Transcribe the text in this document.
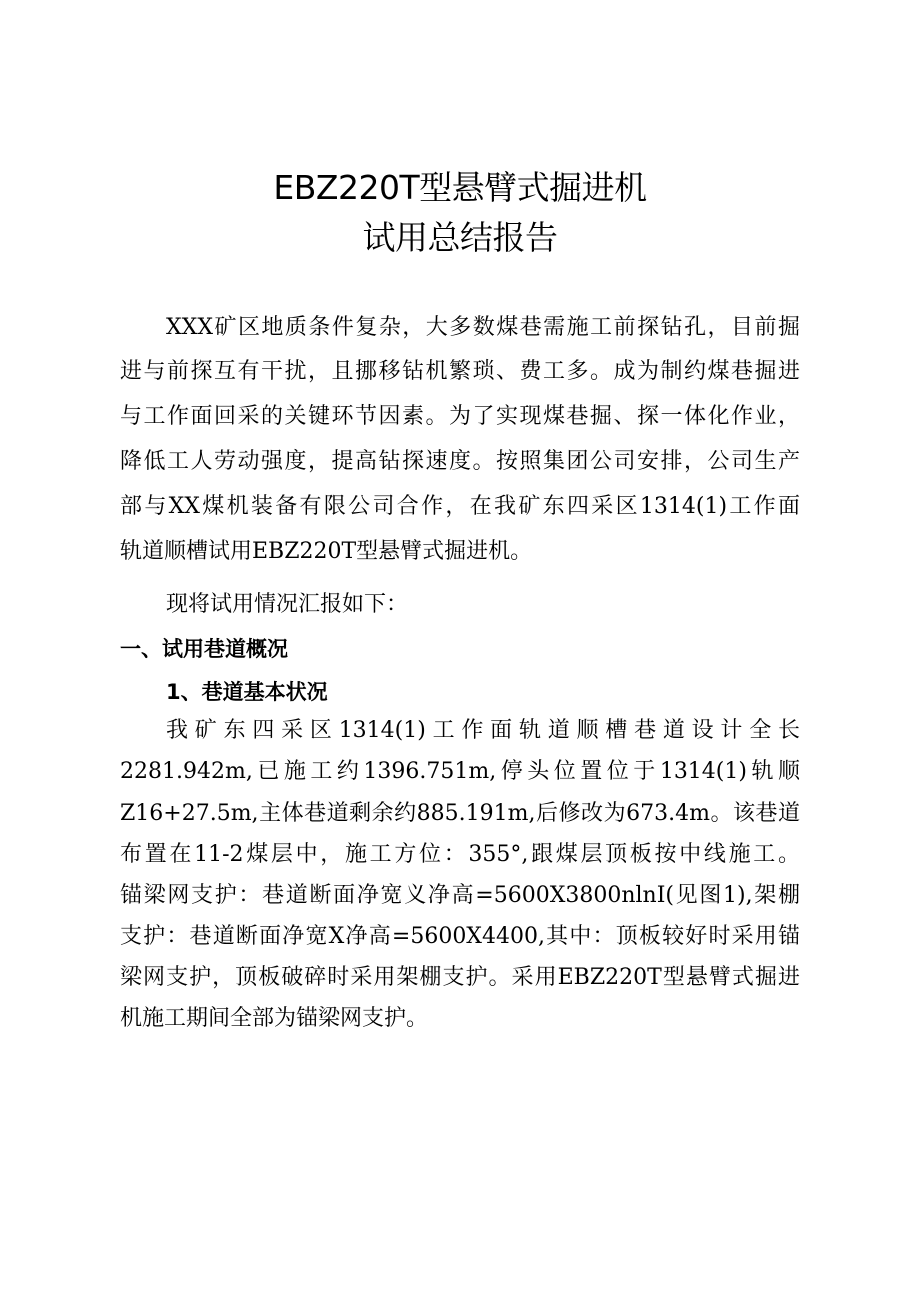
EBZ220T型悬臂式掘进机
试用总结报告
XXX矿区地质条件复杂，大多数煤巷需施工前探钻孔，目前掘
进与前探互有干扰，且挪移钻机繁琐、费工多。成为制约煤巷掘进
与工作面回采的关键环节因素。为了实现煤巷掘、探一体化作业，
降低工人劳动强度，提高钻探速度。按照集团公司安排，公司生产
部与XX煤机装备有限公司合作，在我矿东四采区1314(1)工作面
轨道顺槽试用EBZ220T型悬臂式掘进机。
现将试用情况汇报如下：
一、试用巷道概况
1、巷道基本状况
我矿东四采区1314(1)工作面轨道顺槽巷道设计全长
2281.942m,已施工约1396.751m,停头位置位于1314(1)轨顺
Z16+27.5m,主体巷道剩余约885.191m,后修改为673.4m。该巷道
布置在11-2煤层中，施工方位：355°,跟煤层顶板按中线施工。
锚梁网支护：巷道断面净宽义净高=5600X3800nlnI(见图1),架棚
支护：巷道断面净宽X净高=5600X4400,其中：顶板较好时采用锚
梁网支护，顶板破碎时采用架棚支护。采用EBZ220T型悬臂式掘进
机施工期间全部为锚梁网支护。
